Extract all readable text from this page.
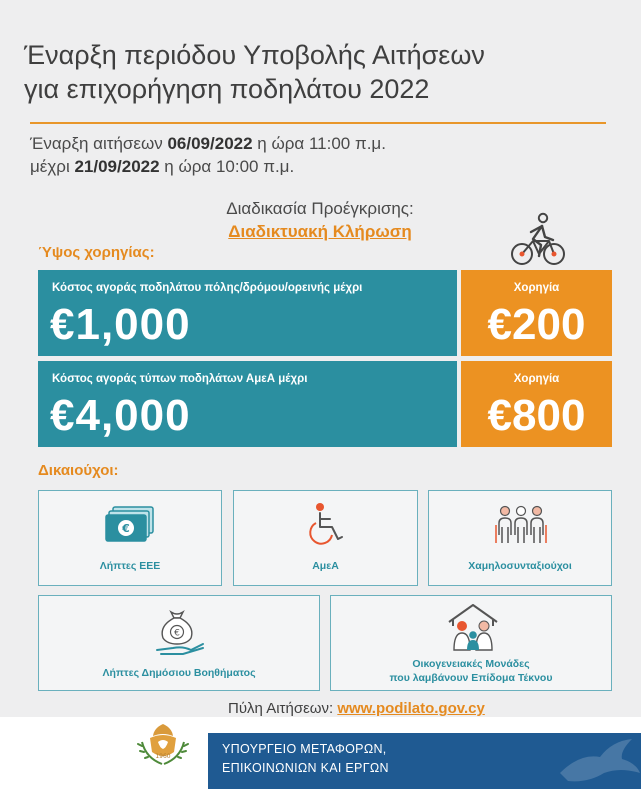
Έναρξη περιόδου Υποβολής Αιτήσεων
για επιχορήγηση ποδηλάτου 2022
Έναρξη αιτήσεων 06/09/2022 η ώρα 11:00 π.μ.
μέχρι 21/09/2022 η ώρα 10:00 π.μ.
Διαδικασία Προέγκρισης:
Διαδικτυακή Κλήρωση
Ύψος χορηγίας:
Κόστος αγοράς ποδηλάτου πόλης/δρόμου/ορεινής μέχρι
€1,000
Χορηγία
€200
Κόστος αγοράς τύπων ποδηλάτων ΑμεΑ μέχρι
€4,000
Χορηγία
€800
Δικαιούχοι:
€
Λήπτες ΕΕΕ	ΑμεΑ	Χαμηλοσυνταξιούχοι
€
Λήπτες Δημόσιου Βοηθήματος
Οικογενειακές Μονάδες
που λαμβάνουν Επίδομα Τέκνου
Πύλη Αιτήσεων: www.podilato.gov.cy
1960
ΥΠΟΥΡΓΕΙΟ ΜΕΤΑΦΟΡΩΝ,
ΕΠΙΚΟΙΝΩΝΙΩΝ ΚΑΙ ΕΡΓΩΝ
